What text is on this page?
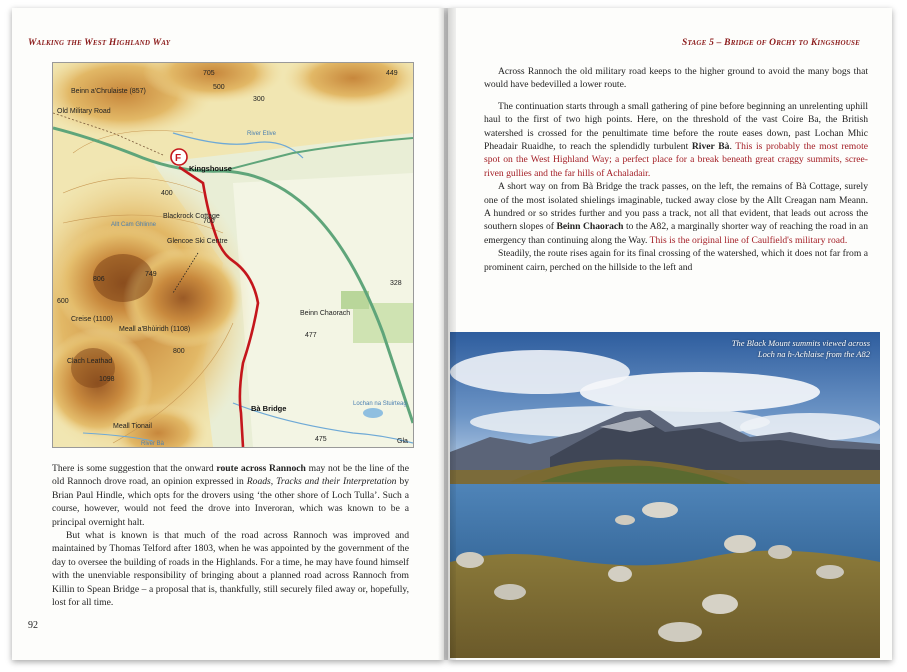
Walking the West Highland Way
F
Beinn a'Chrulaiste (857)
705	449
Old Military Road
River Etive
Kingshouse
Blackrock Cottage
Allt Cam Ghlinne
Glencoe Ski Centre
749
806
328
Creise (1100)
Meall a'Bhùiridh (1108)
Beinn Chaorach
477
Clach Leathad
1098
Bà Bridge
Meall Tionail
River Bà
Lochan na Stuirteag
475	Gla
400
300
500
600
700
800

There is some suggestion that the onward route across Rannoch may not be the line of the old Rannoch drove road, an opinion expressed in Roads, Tracks and their Interpretation by Brian Paul Hindle, which opts for the drovers using ‘the other shore of Loch Tulla’. Such a course, however, would not feed the drove into Inveroran, which was known to be a principal overnight halt.

But what is known is that much of the road across Rannoch was improved and maintained by Thomas Telford after 1803, when he was appointed by the government of the day to oversee the building of roads in the Highlands. For a time, he may have found himself with the unenviable responsibility of bringing about a planned road across Rannoch from Killin to Spean Bridge – a proposal that is, thankfully, still securely filed away or, hopefully, lost for all time.

92
Stage 5 – Bridge of Orchy to Kingshouse

Across Rannoch the old military road keeps to the higher ground to avoid the many bogs that would have bedevilled a lower route.

The continuation starts through a small gathering of pine before beginning an unrelenting uphill haul to the first of two high points. Here, on the threshold of the vast Coire Ba, the British watershed is crossed for the penultimate time before the route eases down, past Lochan Mhic Pheadair Ruaidhe, to reach the splendidly turbulent River Bà. This is probably the most remote spot on the West Highland Way; a perfect place for a break beneath great craggy summits, scree-riven gullies and the far hills of Achaladair.

A short way on from Bà Bridge the track passes, on the left, the remains of Bà Cottage, surely one of the most isolated shielings imaginable, tucked away close by the Allt Creagan nam Meann. A hundred or so strides further and you pass a track, not all that evident, that leads out across the southern slopes of Beinn Chaorach to the A82, a marginally shorter way of reaching the road in an emergency than continuing along the Way. This is the original line of Caulfield's military road.

Steadily, the route rises again for its final crossing of the watershed, which it does not far from a prominent cairn, perched on the hillside to the left and

The Black Mount summits viewed across
Loch na h-Achlaise from the A82
